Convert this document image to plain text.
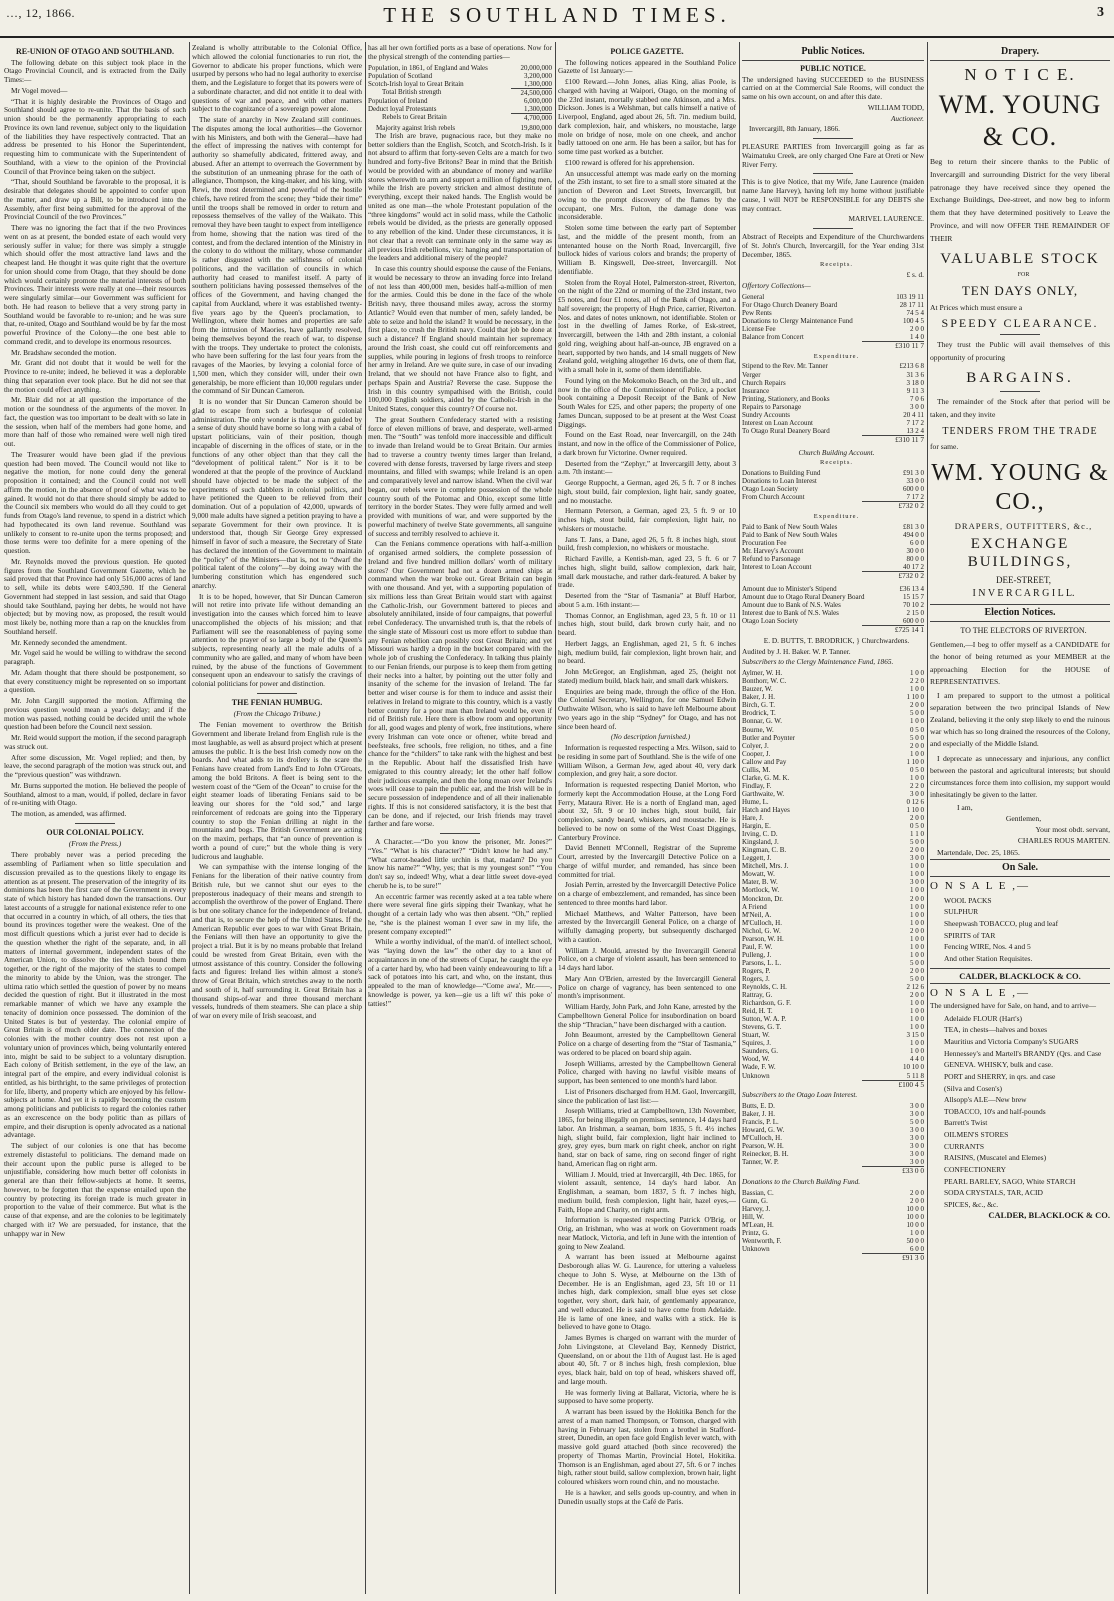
…, 12, 1866.	THE SOUTHLAND TIMES.	3
RE-UNION OF OTAGO AND SOUTHLAND.

The following debate on this subject took place in the Otago Provincial Council, and is extracted from the Daily Times:—

Mr Vogel moved—

“That it is highly desirable the Provinces of Otago and Southland should agree to re-unite. That the basis of such union should be the permanently appropriating to each Province its own land revenue, subject only to the liquidation of the liabilities they have respectively contracted. That an address be presented to his Honor the Superintendent, requesting him to communicate with the Superintendent of Southland, with a view to the opinion of the Provincial Council of that Province being taken on the subject.

“That, should Southland be favorable to the proposal, it is desirable that delegates should be appointed to confer upon the matter, and draw up a Bill, to be introduced into the Assembly, after first being submitted for the approval of the Provincial Council of the two Provinces.”

There was no ignoring the fact that if the two Provinces went on as at present, the bonded estate of each would very seriously suffer in value; for there was simply a struggle which should offer the most attractive land laws and the cheapest land. He thought it was quite right that the overture for union should come from Otago, that they should be done which would certainly promote the material interests of both Provinces. Their interests were really at one—their resources were singularly similar—our Government was sufficient for both. He had reason to believe that a very strong party in Southland would be favorable to re-union; and he was sure that, re-united, Otago and Southland would be by far the most powerful Province of the Colony—the one best able to command credit, and to develope its enormous resources.

Mr. Bradshaw seconded the motion.

Mr. Grant did not doubt that it would be well for the Province to re-unite; indeed, he believed it was a deplorable thing that separation ever took place. But he did not see that the motion could effect anything.

Mr. Blair did not at all question the importance of the motion or the soundness of the arguments of the mover. In fact, the question was too important to be dealt with so late in the session, when half of the members had gone home, and more than half of those who remained were well nigh tired out.

The Treasurer would have been glad if the previous question had been moved. The Council would not like to negative the motion, for none could deny the general proposition it contained; and the Council could not well affirm the motion, in the absence of proof of what was to be gained. It would not do that there should simply be added to the Council six members who would do all they could to get funds from Otago's land revenue, to spend in a district which had hypothecated its own land revenue. Southland was unlikely to consent to re-unite upon the terms proposed; and those terms were too definite for a mere opening of the question.

Mr. Reynolds moved the previous question. He quoted figures from the Southland Government Gazette, which he said proved that that Province had only 516,000 acres of land to sell, while its debts were £403,590. If the General Government had stepped in last session, and said that Otago should take Southland, paying her debts, he would not have objected; but by moving now, as proposed, the result would most likely be, nothing more than a rap on the knuckles from Southland herself.

Mr. Kennedy seconded the amendment.

Mr. Vogel said he would be willing to withdraw the second paragraph.

Mr. Adam thought that there should be postponement, so that every constituency might be represented on so important a question.

Mr. John Cargill supported the motion. Affirming the previous question would mean a year's delay; and if the motion was passed, nothing could be decided until the whole question had been before the Council next session.

Mr. Reid would support the motion, if the second paragraph was struck out.

After some discussion, Mr. Vogel replied; and then, by leave, the second paragraph of the motion was struck out, and the “previous question” was withdrawn.

Mr. Burns supported the motion. He believed the people of Southland, almost to a man, would, if polled, declare in favor of re-uniting with Otago.

The motion, as amended, was affirmed.

OUR COLONIAL POLICY.
(From the Press.)

There probably never was a period preceding the assembling of Parliament when so little speculation and discussion prevailed as to the questions likely to engage its attention as at present. The preservation of the integrity of its dominions has been the first care of the Government in every state of which history has handed down the transactions. Our latest accounts of a struggle for national existence refer to one that occurred in a country in which, of all others, the ties that bound its provinces together were the weakest. One of the most difficult questions which a jurist ever had to decide is the question whether the right of the separate, and, in all matters of internal government, independent states of the American Union, to dissolve the ties which bound them together, or the right of the majority of the states to compel the minority to abide by the Union, was the stronger. The ultima ratio which settled the question of power by no means decided the question of right. But it illustrated in the most remarkable manner of which we have any example the tenacity of dominion once possessed. The dominion of the United States is but of yesterday. The colonial empire of Great Britain is of much older date. The connexion of the colonies with the mother country does not rest upon a voluntary union of provinces which, being voluntarily entered into, might be said to be subject to a voluntary disruption. Each colony of British settlement, in the eye of the law, an integral part of the empire, and every individual colonist is entitled, as his birthright, to the same privileges of protection for life, liberty, and property which are enjoyed by his fellow-subjects at home. And yet it is rapidly becoming the custom among politicians and publicists to regard the colonies rather as an excrescence on the body politic than as pillars of empire, and their disruption is openly advocated as a national advantage.

The subject of our colonies is one that has become extremely distasteful to politicians. The demand made on their account upon the public purse is alleged to be unjustifiable, considering how much better off colonists in general are than their fellow-subjects at home. It seems, however, to be forgotten that the expense entailed upon the country by protecting its foreign trade is much greater in proportion to the value of their commerce. But what is the cause of that expense, and are the colonies to be legitimately charged with it? We are persuaded, for instance, that the unhappy war in New

Zealand is wholly attributable to the Colonial Office, which allowed the colonial functionaries to run riot, the Governor to abdicate his proper functions, which were usurped by persons who had no legal authority to exercise them, and the Legislature to forget that its powers were of a subordinate character, and did not entitle it to deal with questions of war and peace, and with other matters subject to the cognizance of a sovereign power alone.

The state of anarchy in New Zealand still continues. The disputes among the local authorities—the Governor with his Ministers, and both with the General—have had the effect of impressing the natives with contempt for authority so shamefully abdicated, frittered away, and abused. After an attempt to overreach the Government by the substitution of an unmeaning phrase for the oath of allegiance, Thompson, the king-maker, and his king, with Rewi, the most determined and powerful of the hostile chiefs, have retired from the scene; they “bide their time” until the troops shall be removed in order to return and repossess themselves of the valley of the Waikato. This removal they have been taught to expect from intelligence from home, showing that the nation was tired of the contest, and from the declared intention of the Ministry in the colony to do without the military, whose commander is rather disgusted with the selfishness of colonial politicons, and the vacillation of councils in which authority had ceased to manifest itself. A party of southern politicians having possessed themselves of the offices of the Government, and having changed the capital from Auckland, where it was established twenty-five years ago by the Queen's proclamation, to Wellington, where their homes and properties are safe from the intrusion of Maories, have gallantly resolved, being themselves beyond the reach of war, to dispense with the troops. They undertake to protect the colonists, who have been suffering for the last four years from the ravages of the Maories, by levying a colonial force of 1,500 men, which they consider will, under their own generalship, be more efficient than 10,000 regulars under the command of Sir Duncan Cameron.

It is no wonder that Sir Duncan Cameron should be glad to escape from such a burlesque of colonial administration. The only wonder is that a man guided by a sense of duty should have borne so long with a cabal of upstart politicians, vain of their position, though incapable of discerning in the offices of state, or in the functions of any other object than that they call the “development of political talent.” Nor is it to be wondered at that the people of the province of Auckland should have objected to be made the subject of the experiments of such dabblers in colonial politics, and have petitioned the Queen to be relieved from their domination. Out of a population of 42,000, upwards of 9,000 male adults have signed a petition praying to have a separate Government for their own province. It is understood that, though Sir George Grey expressed himself in favor of such a measure, the Secretary of State has declared the intention of the Government to maintain the “policy” of the Ministers—that is, not to “dwarf the political talent of the colony”—by doing away with the lumbering constitution which has engendered such anarchy.

It is to be hoped, however, that Sir Duncan Cameron will not retire into private life without demanding an investigation into the causes which forced him to leave unaccomplished the objects of his mission; and that Parliament will see the reasonableness of paying some attention to the prayer of so large a body of the Queen's subjects, representing nearly all the male adults of a community who are galled, and many of whom have been ruined, by the abuse of the functions of Government consequent upon an endeavour to satisfy the cravings of colonial politicians for power and distinction.

THE FENIAN HUMBUG.
(From the Chicago Tribune.)

The Fenian movement to overthrow the British Government and liberate Ireland from English rule is the most laughable, as well as absurd project which at present amuses the public. It is the best Irish comedy now on the boards. And what adds to its drollery is the scare the Fenians have created from Land's End to John O'Groats, among the bold Britons. A fleet is being sent to the western coast of the “Gem of the Ocean” to cruise for the eight steamer loads of liberating Fenians said to be leaving our shores for the “old sod,” and large reinforcement of redcoats are going into the Tipperary country to stop the Fenian drilling at night in the mountains and bogs. The British Government are acting on the maxim, perhaps, that “an ounce of prevention is worth a pound of cure;” but the whole thing is very ludicrous and laughable.

We can sympathise with the intense longing of the Fenians for the liberation of their native country from British rule, but we cannot shut our eyes to the preposterous inadequacy of their means and strength to accomplish the overthrow of the power of England. There is but one solitary chance for the independence of Ireland, and that is, to secure the help of the United States. If the American Republic ever goes to war with Great Britain, the Fenians will then have an opportunity to give the project a trial. But it is by no means probable that Ireland could be wrested from Great Britain, even with the utmost assistance of this country. Consider the following facts and figures: Ireland lies within almost a stone's throw of Great Britain, which stretches away to the north and south of it, half surrounding it. Great Britain has a thousand ships-of-war and three thousand merchant vessels, hundreds of them steamers. She can place a ship of war on every mile of Irish seacoast, and

has all her own fortified ports as a base of operations. Now for the physical strength of the contending parties—

Population, in 1861, of England and Wales	20,000,000
Population of Scotland	3,200,000
Scotch-Irish loyal to Great Britain	1,300,000
Total British strength	24,500,000
Population of Ireland	6,000,000
Deduct loyal Protestants	1,300,000
Rebels to Great Britain	4,700,000
Majority against Irish rebels	19,800,000

The Irish are brave, pugnacious race, but they make no better soldiers than the English, Scotch, and Scotch-Irish. Is it not absurd to affirm that forty-seven Celts are a match for two hundred and forty-five Britons? Bear in mind that the British would be provided with an abundance of money and warlike stores wherewith to arm and support a million of fighting men, while the Irish are poverty stricken and almost destitute of everything, except their naked hands. The English would be united as one man—the whole Protestant population of the “three kingdoms” would act in solid mass, while the Catholic rebels would be divided, as the priests are generally opposed to any rebellion of the kind. Under these circumstances, it is not clear that a revolt can terminate only in the same way as all previous Irish rebellions, viz: hanging and transportation of the leaders and additional misery of the people?

In case this country should espouse the cause of the Fenians, it would be necessary to throw an invading force into Ireland of not less than 400,000 men, besides half-a-million of men for the armies. Could this be done in the face of the whole British navy, three thousand miles away, across the stormy Atlantic? Would even that number of men, safely landed, be able to seize and hold the island? It would be necessary, in the first place, to crush the British navy. Could that job be done at such a distance? If England should maintain her supremacy around the Irish coast, she could cut off reinforcements and supplies, while pouring in legions of fresh troops to reinforce her army in Ireland. Are we quite sure, in case of our invading Ireland, that we should not have France also to fight, and perhaps Spain and Austria? Reverse the case. Suppose the Irish in this country sympathised with the British, could 100,000 English soldiers, aided by the Catholic-Irish in the United States, conquer this country? Of course not.

The great Southern Confederacy started with a resisting force of eleven millions of brave, and desperate, well-armed men. The “South” was tenfold more inaccessible and difficult to invade than Ireland would be to Great Britain. Our armies had to traverse a country twenty times larger than Ireland, covered with dense forests, traversed by large rivers and steep mountains, and filled with swamps; while Ireland is an open and comparatively level and narrow island. When the civil war began, our rebels were in complete possession of the whole country south of the Potomac and Ohio, except some little territory in the border States. They were fully armed and well provided with munitions of war, and were supported by the powerful machinery of twelve State governments, all sanguine of success and terribly resolved to achieve it.

Can the Fenians commence operations with half-a-million of organised armed soldiers, the complete possession of Ireland and five hundred million dollars' worth of military stores? Our Government had not a dozen armed ships at command when the war broke out. Great Britain can begin with one thousand. And yet, with a supporting population of six millions less than Great Britain would start with against the Catholic-Irish, our Government battered to pieces and absolutely annihilated, inside of four campaigns, that powerful rebel Confederacy. The unvarnished truth is, that the rebels of the single state of Missouri cost us more effort to subdue than any Fenian rebellion can possibly cost Great Britain; and yet Missouri was hardly a drop in the bucket compared with the whole job of crushing the Confederacy. In talking thus plainly to our Fenian friends, our purpose is to keep them from getting their necks into a halter, by pointing out the utter folly and insanity of the scheme for the invasion of Ireland. The far better and wiser course is for them to induce and assist their relatives in Ireland to migrate to this country, which is a vastly better country for a poor man than Ireland would be, even if rid of British rule. Here there is elbow room and opportunity for all, good wages and plenty of work, free institutions, where every Irishman can vote once or oftener, white bread and beefsteaks, free schools, free religion, no tithes, and a fine chance for the “childers” to take rank with the highest and best in the Republic. About half the dissatisfied Irish have emigrated to this country already; let the other half follow their judicious example, and then the long moan over Ireland's woes will cease to pain the public ear, and the Irish will be in secure possession of independence and of all their inalienable rights. If this is not considered satisfactory, it is the best that can be done, and if rejected, our Irish friends may travel farther and fare worse.

A Character.—“Do you know the prisoner, Mr. Jones?” “Yes.” “What is his character?” “Didn't know he had any.” “What carrot-headed little urchin is that, madam? Do you know his name?” “Why, yes; that is my youngest son!” “You don't say so, indeed! Why, what a dear little sweet dove-eyed cherub he is, to be sure!”

An eccentric farmer was recently asked at a tea table where there were several fine girls sipping their Twankay, what he thought of a certain lady who was then absent. “Oh,” replied he, “she is the plainest woman I ever saw in my life, the present company excepted!”

While a worthy individual, of the man'd. of intellect school, was “laying down the law” the other day to a knot of acquaintances in one of the streets of Cupar, he caught the eye of a carter hard by, who had been vainly endeavouring to lift a sack of potatoes into his cart, and who, on the instant, thus appealed to the man of knowledge—“Come awa', Mr.——, knowledge is power, ya ken—gie us a lift wi' this poke o' tatties!”

POLICE GAZETTE.

The following notices appeared in the Southland Police Gazette of 1st January:—

£100 Reward.—John Jones, alias King, alias Poole, is charged with having at Waipori, Otago, on the morning of the 23rd instant, mortally stabbed one Atkinson, and a Mrs. Dickson. Jones is a Welshman, but calls himself a native of Liverpool, England, aged about 26, 5ft. 7in. medium build, dark complexion, hair, and whiskers, no moustache, large mole on bridge of nose, mole on one cheek, and anchor badly tattooed on one arm. He has been a sailor, but has for some time past worked as a butcher.

£100 reward is offered for his apprehension.

An unsuccessful attempt was made early on the morning of the 25th instant, to set fire to a small store situated at the junction of Deveron and Leet Streets, Invercargill, but owing to the prompt discovery of the flames by the occupant, one Mrs. Fulton, the damage done was inconsiderable.

Stolen some time between the early part of September last, and the middle of the present month, from an untenanted house on the North Road, Invercargill, five bullock hides of various colors and brands; the property of William B. Kingswell, Dee-street, Invercargill. Not identifiable.

Stolen from the Royal Hotel, Palmerston-street, Riverton, on the night of the 22nd or morning of the 23rd instant, two £5 notes, and four £1 notes, all of the Bank of Otago, and a half sovereign; the property of Hugh Price, carrier, Riverton. Nos. and dates of notes unknown, not identifiable. Stolen or lost in the dwelling of James Rorke, of Esk-street, Invercargill, between the 14th and 28th instant, a colonial gold ring, weighing about half-an-ounce, JB engraved on a heart, supported by two hands, and 14 small nuggets of New Zealand gold, weighing altogether 16 dwts, one of them flat, with a small hole in it, some of them identifiable.

Found lying on the Mokomoko Beach, on the 3rd ult., and now in the office of the Commissioner of Police, a pocket book containing a Deposit Receipt of the Bank of New South Wales for £25, and other papers; the property of one James Duncan, supposed to be at present at the West Coast Diggings.

Found on the East Road, near Invercargill, on the 24th instant, and now in the office of the Commissioner of Police, a dark brown fur Victorine. Owner required.

Deserted from the “Zephyr,” at Invercargill Jetty, about 3 a.m. 7th instant:—

George Ruppocht, a German, aged 26, 5 ft. 7 or 8 inches high, stout build, fair complexion, light hair, sandy goatee, and no moustache.

Hermann Peterson, a German, aged 23, 5 ft. 9 or 10 inches high, stout build, fair complexion, light hair, no whiskers or moustache.

Jans T. Jans, a Dane, aged 26, 5 ft. 8 inches high, stout build, fresh complexion, no whiskers or moustache.

Richard Faville, a Kentish-man, aged 23, 5 ft. 6 or 7 inches high, slight build, sallow complexion, dark hair, small dark moustache, and rather dark-featured. A baker by trade.

Deserted from the “Star of Tasmania” at Bluff Harbor, about 5 a.m. 16th instant:—

Thomas Connor, an Englishman, aged 23, 5 ft. 10 or 11 inches high, stout build, dark brown curly hair, and no beard.

Herbert Jaggs, an Englishman, aged 21, 5 ft. 6 inches high, medium build, fair complexion, light brown hair, and no beard.

John McGregor, an Englishman, aged 25, (height not stated) medium build, black hair, and small dark whiskers.

Enquiries are being made, through the office of the Hon. the Colonial Secretary, Wellington, for one Samuel Edwin Outhwaite Wilson, who is said to have left Melbourne about two years ago in the ship “Sydney” for Otago, and has not since been heard of.

(No description furnished.)

Information is requested respecting a Mrs. Wilson, said to be residing in some part of Southland. She is the wife of one William Wilson, a German Jew, aged about 40, very dark complexion, and grey hair, a sore doctor.

Information is requested respecting Daniel Morton, who formerly kept the Accommodation House, at the Long Ford Ferry, Mataura River. He is a north of England man, aged about 32, 5ft. 9 or 10 inches high, stout build, fair complexion, sandy beard, whiskers, and moustache. He is believed to be now on some of the West Coast Diggings, Canterbury Province.

David Bennett M'Connell, Registrar of the Supreme Court, arrested by the Invercargill Detective Police on a charge of wilful murder, and remanded, has since been committed for trial.

Josiah Perrin, arrested by the Invercargill Detective Police on a charge of embezzlement, and remanded, has since been sentenced to three months hard labor.

Michael Matthews, and Walter Patterson, have been arrested by the Invercargill General Police, on a charge of wilfully damaging property, but subsequently discharged with a caution.

William J. Mould, arrested by the Invercargill General Police, on a charge of violent assault, has been sentenced to 14 days hard labor.

Mary Ann O'Brien, arrested by the Invercargill General Police on charge of vagrancy, has been sentenced to one month's imprisonment.

William Hardy, John Park, and John Kane, arrested by the Campbelltown General Police for insubordination on board the ship “Thracian,” have been discharged with a caution.

John Beaumont, arrested by the Campbelltown General Police on a charge of deserting from the “Star of Tasmania,” was ordered to be placed on board ship again.

Joseph Williams, arrested by the Campbelltown General Police, charged with having no lawful visible means of support, has been sentenced to one month's hard labor.

List of Prisoners discharged from H.M. Gaol, Invercargill, since the publication of last list:—

Joseph Williams, tried at Campbelltown, 13th November, 1865, for being illegally on premises, sentence, 14 days hard labor. An Irishman, a seaman, born 1835, 5 ft. 4½ inches high, slight build, fair complexion, light hair inclined to grey, grey eyes, burn mark on right cheek, anchor on right hand, star on back of same, ring on second finger of right hand, American flag on right arm.

William J. Mould, tried at Invercargill, 4th Dec. 1865, for violent assault, sentence, 14 day's hard labor. An Englishman, a seaman, born 1837, 5 ft. 7 inches high, medium build, fresh complexion, light hair, hazel eyes,—Faith, Hope and Charity, on right arm.

Information is requested respecting Patrick O'Brig, or Orig, an Irishman, who was at work on Government roads near Matlock, Victoria, and left in June with the intention of going to New Zealand.

A warrant has been issued at Melbourne against Desborough alias W. G. Laurence, for uttering a valueless cheque to John S. Wyse, at Melbourne on the 13th of December. He is an Englishman, aged 23, 5ft 10 or 11 inches high, dark complexion, small blue eyes set close together, very short, dark hair, of gentlemanly appearance, and well educated. He is said to have come from Adelaide. He is lame of one knee, and walks with a stick. He is believed to have gone to Otago.

James Byrnes is charged on warrant with the murder of John Livingstone, at Cleveland Bay, Kennedy District, Queensland, on or about the 11th of August last. He is aged about 40, 5ft. 7 or 8 inches high, fresh complexion, blue eyes, black hair, bald on top of head, whiskers shaved off, and large mouth.

He was formerly living at Ballarat, Victoria, where he is supposed to have some property.

A warrant has been issued by the Hokitika Bench for the arrest of a man named Thompson, or Tomson, charged with having in February last, stolen from a brothel in Stafford-street, Dunedin, an open face gold English lever watch, with massive gold guard attached (both since recovered) the property of Thomas Martin, Provincial Hotel, Hokitika. Thomson is an Englishman, aged about 27, 5ft. 6 or 7 inches high, rather stout build, sallow complexion, brown hair, light coloured whiskers worn round chin, and no moustache.

He is a hawker, and sells goods up-country, and when in Dunedin usually stops at the Café de Paris.

Public Notices.
PUBLIC NOTICE.

The undersigned having SUCCEEDED to the BUSINESS carried on at the Commercial Sale Rooms, will conduct the same on his own account, on and after this date.

WILLIAM TODD,

Auctioneer.

Invercargill, 8th January, 1866.

PLEASURE PARTIES from Invercargill going as far as Waimatuku Creek, are only charged One Fare at Oreti or New River Ferry.

This is to give Notice, that my Wife, Jane Laurence (maiden name Jane Harvey), having left my home without justifiable cause, I will NOT be RESPONSIBLE for any DEBTS she may contract.

MARIVEL LAURENCE.

Abstract of Receipts and Expenditure of the Churchwardens of St. John's Church, Invercargill, for the Year ending 31st December, 1865.

Receipts.

£ s. d.

Offertory Collections—

General	103 19 11
For Otago Church Deanery Board	28 17 11
Pew Rents	74 5 4
Donations to Clergy Maintenance Fund	100 4 5
License Fee	2 0 0
Balance from Concert	1 4 0

£310 11 7

Expenditure.

Stipend to the Rev. Mr. Tanner	£213 6 8
Verger	31 3 6
Church Repairs	3 18 0
Insurance	9 11 3
Printing, Stationery, and Books	7 0 6
Repairs to Parsonage	3 0 0
Sundry Accounts	20 4 11
Interest on Loan Account	7 17 2
To Otago Rural Deanery Board	13 2 4

£310 11 7

Church Building Account.

Receipts.

Donations to Building Fund	£91 3 0
Donations to Loan Interest	33 0 0
Otago Loan Society	600 0 0
From Church Account	7 17 2

£732 0 2

Expenditure.

Paid to Bank of New South Wales	£81 3 0
Paid to Bank of New South Wales	494 0 0
Procuration Fee	6 0 0
Mr. Harvey's Account	30 0 0
Refund to Parsonage	80 0 0
Interest to Loan Account	40 17 2

£732 0 2

Amount due to Minister's Stipend	£36 13 4
Amount due to Otago Rural Deanery Board	15 15 7
Amount due to Bank of N.S. Wales	70 10 2
Interest due to Bank of N.S. Wales	2 15 0
Otago Loan Society	600 0 0

£725 14 1

E. D. BUTTS, T. BRODRICK, } Churchwardens.

Audited by J. H. Baker. W. P. Tanner.

Subscribers to the Clergy Maintenance Fund, 1865.

Aylmer, W. H.	1 0 0
Bonthorr, W. C.	2 2 0
Bauzer, W.	1 0 0
Baker, J. H.	1 10 0
Birch, G. T.	2 0 0
Brodrick, T.	5 0 0
Bonnar, G. W.	1 0 0
Bourne, W.	0 5 0
Butler and Poynter	5 0 0
Colyer, J.	2 0 0
Cooper, J.	1 0 0
Callow and Pay	1 10 0
Cullis, M.	0 5 0
Clarke, G. M. K.	1 0 0
Findlay, F.	2 2 0
Garthwaite, W.	3 0 0
Hume, L.	0 12 6
Hatch and Hayes	1 10 0
Hare, J.	2 0 0
Hargin, E.	0 5 0
Irving, C. D.	1 1 0
Kingsland, J.	5 0 0
Kingman, C. B.	2 0 0
Leggett, J.	3 0 0
Mitchell, Mrs. J.	1 0 0
Mowatt, W.	1 0 0
Mater, B. W.	3 0 0
Mortlock, W.	1 0 0
Monckton, Dr.	2 0 0
A Friend	1 0 0
M'Neil, A.	1 0 0
M'Culloch, H.	1 0 0
Nichol, G. W.	2 0 0
Pearson, W. H.	1 0 0
Paul, F. W.	1 0 0
Pulleng, J.	1 0 0
Parsons, L. L.	5 0 0
Rogers, P.	2 0 0
Rogers, J.	5 0 0
Reynolds, C. H.	2 12 6
Rattray, G.	2 0 0
Richardson, G. F.	1 0 0
Reid, H. T.	1 0 0
Sutton, W. A. P.	1 0 0
Stevens, G. T.	1 0 0
Stuart, W.	3 15 0
Squires, J.	1 0 0
Saunders, G.	1 0 0
Wood, W.	4 4 0
Wade, F. W.	10 10 0
Unknown	5 11 8

£100 4 5

Subscribers to the Otago Loan Interest.

Butts, E. D.	3 0 0
Baker, J. H.	3 0 0
Francis, P. L.	5 0 0
Howard, G. W.	3 0 0
M'Culloch, H.	3 0 0
Pearson, W. H.	3 0 0
Reinecker, B. H.	3 0 0
Tanner, W. P.	3 0 0

£33 0 0

Donations to the Church Building Fund.

Bassian, C.	2 0 0
Gunn, G.	2 0 0
Harvey, J.	10 0 0
Hill, W.	10 0 0
M'Lean, H.	10 0 0
Printz, G.	1 0 0
Wentworth, F.	50 0 0
Unknown	6 0 0

£91 3 0

Drapery.
N O T I C E.
WM. YOUNG & CO.

Beg to return their sincere thanks to the Public of Invercargill and surrounding District for the very liberal patronage they have received since they opened the Exchange Buildings, Dee-street, and now beg to inform them that they have determined positively to Leave the Province, and will now OFFER THE REMAINDER OF THEIR

VALUABLE STOCK

FOR

TEN DAYS ONLY,

At Prices which must ensure a

SPEEDY CLEARANCE.

They trust the Public will avail themselves of this opportunity of procuring

BARGAINS.

The remainder of the Stock after that period will be taken, and they invite

TENDERS FROM THE TRADE

for same.

WM. YOUNG & CO.,

DRAPERS, OUTFITTERS, &c.,

EXCHANGE BUILDINGS,

DEE-STREET,

I N V E R C A R G I L L.

Election Notices.

TO THE ELECTORS OF RIVERTON.

Gentlemen,—I beg to offer myself as a CANDIDATE for the honor of being returned as your MEMBER at the approaching Election for the HOUSE of REPRESENTATIVES.

I am prepared to support to the utmost a political separation between the two principal Islands of New Zealand, believing it the only step likely to end the ruinous war which has so long drained the resources of the Colony, and especially of the Middle Island.

I deprecate as unnecessary and injurious, any conflict between the pastoral and agricultural interests; but should circumstances force them into collision, my support would inhesitatingly be given to the latter.

I am,

Gentlemen,

Your most obdt. servant,

CHARLES ROUS MARTEN.

Martendale, Dec. 25, 1865.

On Sale.

O N S A L E ,—

WOOL PACKS
SULPHUR
Sheepwash TOBACCO, plug and leaf
SPIRITS of TAR
Fencing WIRE, Nos. 4 and 5
And other Station Requisites.
CALDER, BLACKLOCK & CO.

O N S A L E ,—

The undersigned have for Sale, on hand, and to arrive—

Adelaide FLOUR (Hart's)
TEA, in chests—halves and boxes
Mauritius and Victoria Company's SUGARS
Hennessey's and Martell's BRANDY (Qrs. and Case
GENEVA. WHISKY, bulk and case.
PORT and SHERRY, in qrs. and case
(Silva and Cosen's)
Allsopp's ALE—New brew
TOBACCO, 10's and half-pounds
Barrett's Twist
OILMEN'S STORES
CURRANTS
RAISINS, (Muscatel and Elemes)
CONFECTIONERY
PEARL BARLEY, SAGO, White STARCH
SODA CRYSTALS, TAR, ACID
SPICES, &c., &c.

CALDER, BLACKLOCK & CO.
